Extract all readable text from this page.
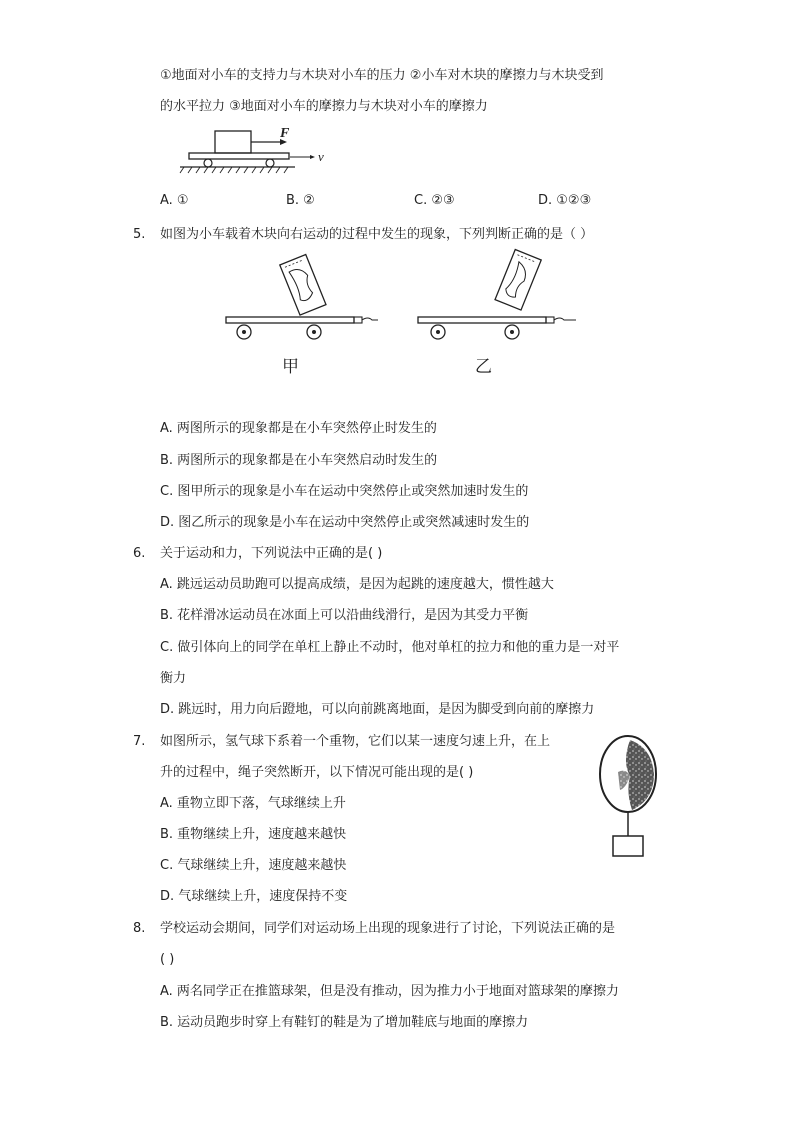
①地面对小车的支持力与木块对小车的压力 ②小车对木块的摩擦力与木块受到
的水平拉力 ③地面对小车的摩擦力与木块对小车的摩擦力
F
v
A. ①	B. ②	C. ②③	D. ①②③
5. 如图为小车载着木块向右运动的过程中发生的现象，下列判断正确的是（ ）
甲	乙
A. 两图所示的现象都是在小车突然停止时发生的
B. 两图所示的现象都是在小车突然启动时发生的
C. 图甲所示的现象是小车在运动中突然停止或突然加速时发生的
D. 图乙所示的现象是小车在运动中突然停止或突然减速时发生的
6. 关于运动和力，下列说法中正确的是( )
A. 跳远运动员助跑可以提高成绩，是因为起跳的速度越大，惯性越大
B. 花样滑冰运动员在冰面上可以沿曲线滑行，是因为其受力平衡
C. 做引体向上的同学在单杠上静止不动时，他对单杠的拉力和他的重力是一对平
衡力
D. 跳远时，用力向后蹬地，可以向前跳离地面，是因为脚受到向前的摩擦力
7. 如图所示，氢气球下系着一个重物，它们以某一速度匀速上升，在上
升的过程中，绳子突然断开，以下情况可能出现的是( )
A. 重物立即下落，气球继续上升
B. 重物继续上升，速度越来越快
C. 气球继续上升，速度越来越快
D. 气球继续上升，速度保持不变
8. 学校运动会期间，同学们对运动场上出现的现象进行了讨论，下列说法正确的是
( )
A. 两名同学正在推篮球架，但是没有推动，因为推力小于地面对篮球架的摩擦力
B. 运动员跑步时穿上有鞋钉的鞋是为了增加鞋底与地面的摩擦力
